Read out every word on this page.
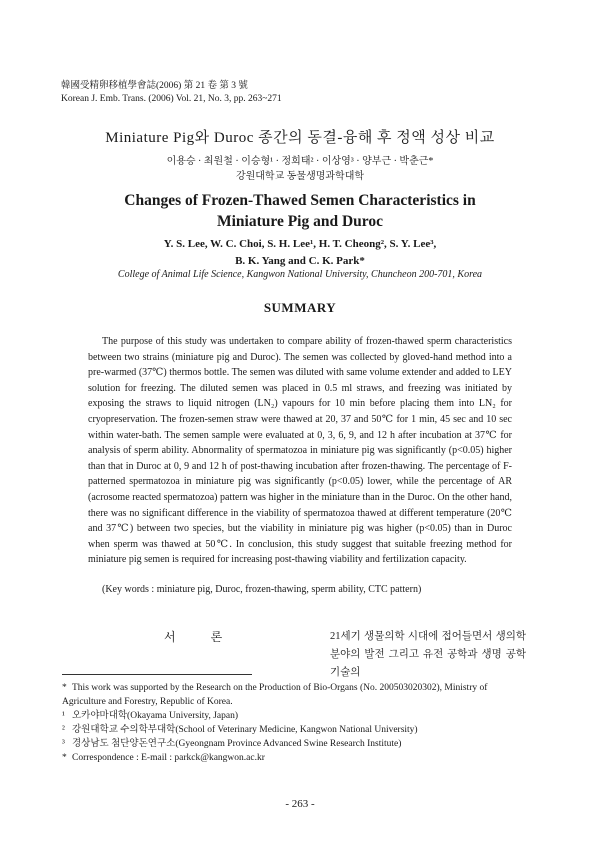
韓國受精卵移植學會誌(2006) 第 21 卷 第 3 號
Korean J. Emb. Trans. (2006) Vol. 21, No. 3, pp. 263~271
Miniature Pig와 Duroc 종간의 동결-융해 후 정액 성상 비교
이용승 · 최원철 · 이승형¹ · 정희태² · 이상영³ · 양부근 · 박춘근*
강원대학교 동물생명과학대학
Changes of Frozen-Thawed Semen Characteristics in
Miniature Pig and Duroc
Y. S. Lee, W. C. Choi, S. H. Lee¹, H. T. Cheong², S. Y. Lee³,
B. K. Yang and C. K. Park*
College of Animal Life Science, Kangwon National University, Chuncheon 200-701, Korea
SUMMARY
The purpose of this study was undertaken to compare ability of frozen-thawed sperm characteristics between two strains (miniature pig and Duroc). The semen was collected by gloved-hand method into a pre-warmed (37℃) thermos bottle. The semen was diluted with same volume extender and added to LEY solution for freezing. The diluted semen was placed in 0.5 ml straws, and freezing was initiated by exposing the straws to liquid nitrogen (LN₂) vapours for 10 min before placing them into LN₂ for cryopreservation. The frozen-semen straw were thawed at 20, 37 and 50℃ for 1 min, 45 sec and 10 sec within water-bath. The semen sample were evaluated at 0, 3, 6, 9, and 12 h after incubation at 37℃ for analysis of sperm ability. Abnormality of spermatozoa in miniature pig was significantly (p<0.05) higher than that in Duroc at 0, 9 and 12 h of post-thawing incubation after frozen-thawing. The percentage of F-patterned spermatozoa in miniature pig was significantly (p<0.05) lower, while the percentage of AR (acrosome reacted spermatozoa) pattern was higher in the miniature than in the Duroc. On the other hand, there was no significant difference in the viability of spermatozoa thawed at different temperature (20℃ and 37℃) between two species, but the viability in miniature pig was higher (p<0.05) than in Duroc when sperm was thawed at 50℃. In conclusion, this study suggest that suitable freezing method for miniature pig semen is required for increasing post-thawing viability and fertilization capacity.
(Key words : miniature pig, Duroc, frozen-thawing, sperm ability, CTC pattern)
서 론	21세기 생물의학 시대에 접어들면서 생의학 분야의 발전 그리고 유전 공학과 생명 공학 기술의
* This work was supported by the Research on the Production of Bio-Organs (No. 200503020302), Ministry of Agriculture and Forestry, Republic of Korea.
¹ 오카야마대학(Okayama University, Japan)
² 강원대학교 수의학부대학(School of Veterinary Medicine, Kangwon National University)
³ 경상남도 첨단양돈연구소(Gyeongnam Province Advanced Swine Research Institute)
* Correspondence : E-mail : parkck@kangwon.ac.kr
- 263 -
